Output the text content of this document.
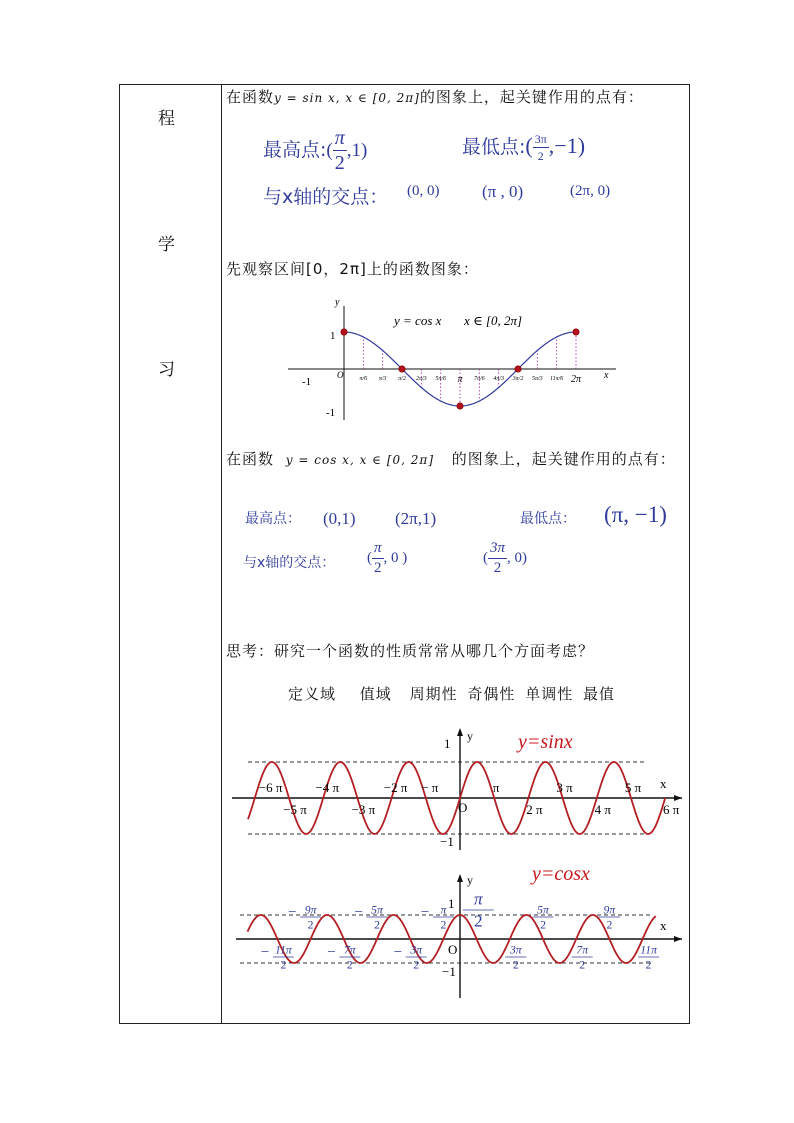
程
学
习
在函数y = sin x, x ∈ [0, 2π]的图象上，起关键作用的点有：
最高点:( $\frac{\pi}{2} ,1$)	最低点:( $\frac{3\pi}{2} ,-1$)
与x轴的交点： (0, 0)	(π , 0)	(2π, 0)
先观察区间[0，2π]上的函数图象：
y
x
1
-1
-1
O
y = cos x x ∈ [0, 2π]
π/6 π/3 π/2 2π/3 5π/6 π 7π/6 4π/3 3π/2 5π/3 11π/6 2π
在函数 y = cos x, x ∈ [0, 2π] 的图象上，起关键作用的点有：
最高点： (0,1) (2π,1)	最低点： (π, −1)
与x轴的交点： ( $\frac{\pi}{2}$ , 0 )	( $\frac{3\pi}{2}$ , 0)
思考：研究一个函数的性质常常从哪几个方面考虑？
定义域 值域 周期性 奇偶性 单调性 最值
y=sinx
y
x
1
−1
O
−6 π	−4 π	−2 π − π	π	3 π	5 π
−5 π	−3 π	2 π	4 π	6 π
y=cosx
y
x
1
−1
O
− 9π
2
− 5π
2
− π
2
π
2
5π
2
9π
2
− 11π
2
− 7π
2
− 3π
2
3π
2
7π
2
11π
2
